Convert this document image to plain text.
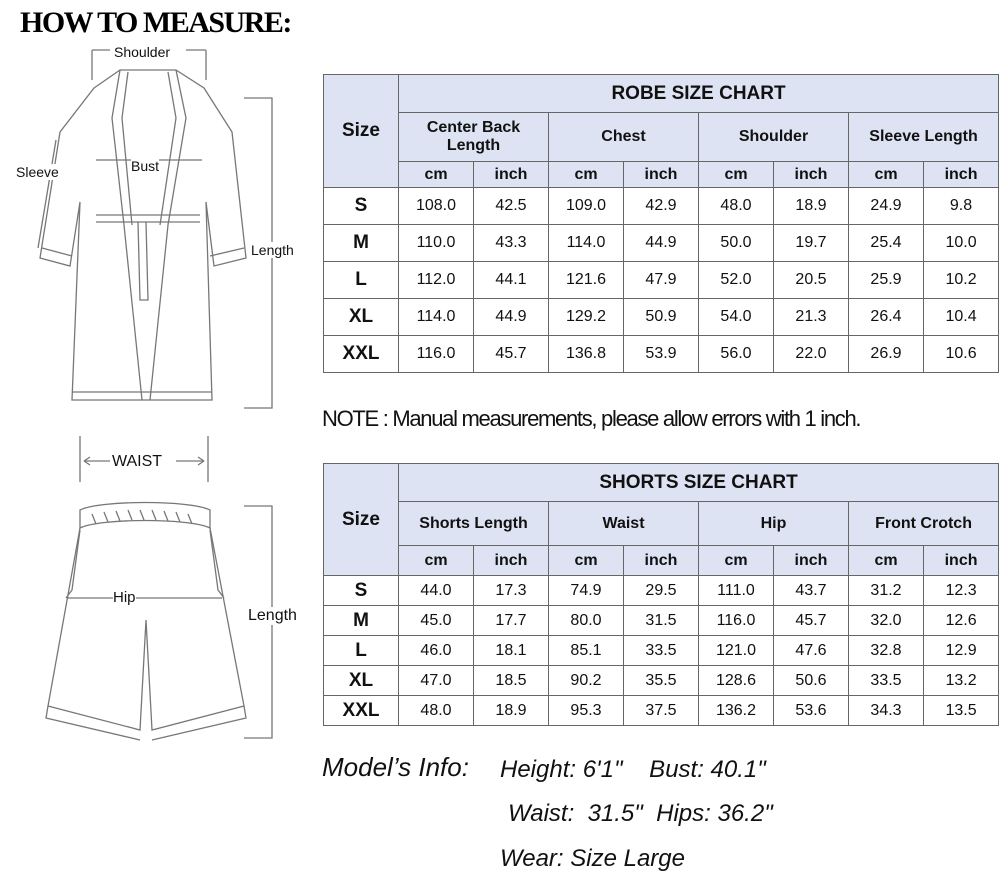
HOW TO MEASURE:
Shoulder
Sleeve	Bust
Length
WAIST
Hip
Length
Size	ROBE SIZE CHART							
	Center Back Length		Chest		Shoulder		Sleeve Length	
	cm	inch	cm	inch	cm	inch	cm	inch
S	108.0	42.5	109.0	42.9	48.0	18.9	24.9	9.8
M	110.0	43.3	114.0	44.9	50.0	19.7	25.4	10.0
L	112.0	44.1	121.6	47.9	52.0	20.5	25.9	10.2
XL	114.0	44.9	129.2	50.9	54.0	21.3	26.4	10.4
XXL	116.0	45.7	136.8	53.9	56.0	22.0	26.9	10.6
NOTE : Manual measurements, please allow errors with 1 inch.
Size	SHORTS SIZE CHART							
	Shorts Length		Waist		Hip		Front Crotch	
	cm	inch	cm	inch	cm	inch	cm	inch
S	44.0	17.3	74.9	29.5	111.0	43.7	31.2	12.3
M	45.0	17.7	80.0	31.5	116.0	45.7	32.0	12.6
L	46.0	18.1	85.1	33.5	121.0	47.6	32.8	12.9
XL	47.0	18.5	90.2	35.5	128.6	50.6	33.5	13.2
XXL	48.0	18.9	95.3	37.5	136.2	53.6	34.3	13.5
Model’s Info: Height: 6'1"    Bust: 40.1"
Waist:  31.5"  Hips: 36.2"
Wear: Size Large
